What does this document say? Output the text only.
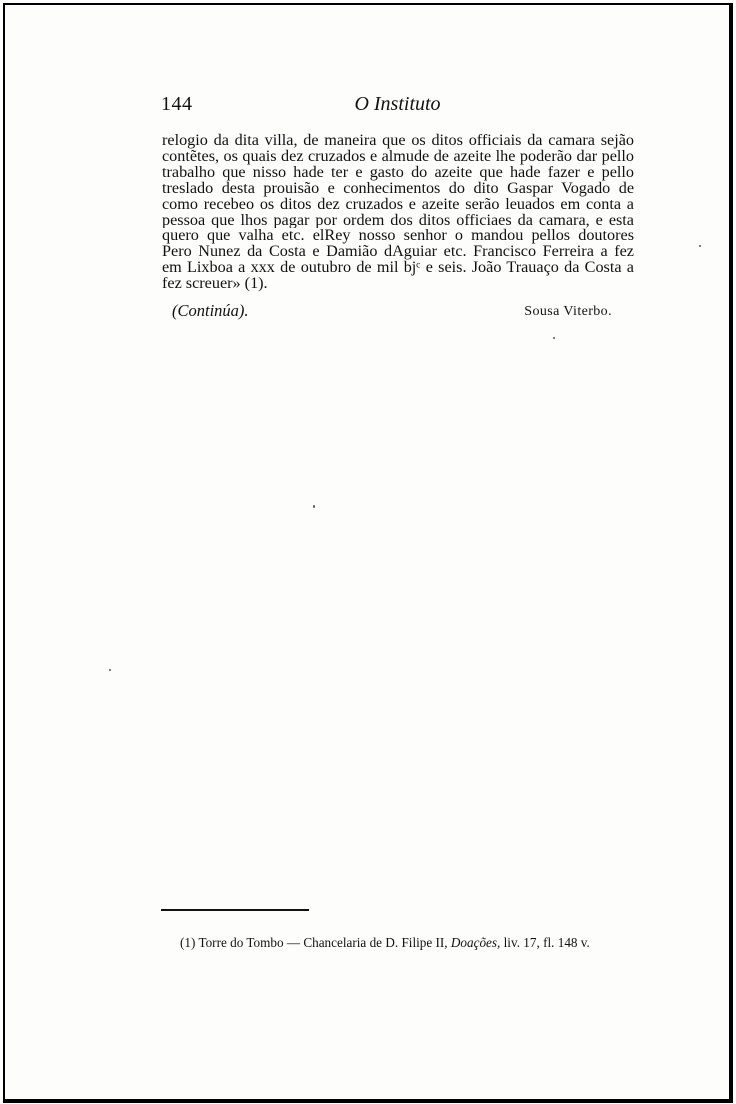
144	O Instituto
relogio da dita villa, de maneira que os ditos officiais da camara sejão
contẽtes, os quais dez cruzados e almude de azeite lhe poderão dar pello
trabalho que nisso hade ter e gasto do azeite que hade fazer e pello
treslado desta prouisão e conhecimentos do dito Gaspar Vogado de
como recebeo os ditos dez cruzados e azeite serão leuados em conta a
pessoa que lhos pagar por ordem dos ditos officiaes da camara, e esta
quero que valha etc. elRey nosso senhor o mandou pellos doutores
Pero Nunez da Costa e Damião dAguiar etc. Francisco Ferreira a fez
em Lixboa a xxx de outubro de mil bjᶜ e seis. João Trauaço da Costa a
fez screuer» (1).
(Continúa).	Sousa Viterbo.
(1) Torre do Tombo — Chancelaria de D. Filipe II, Doações, liv. 17, fl. 148 v.
